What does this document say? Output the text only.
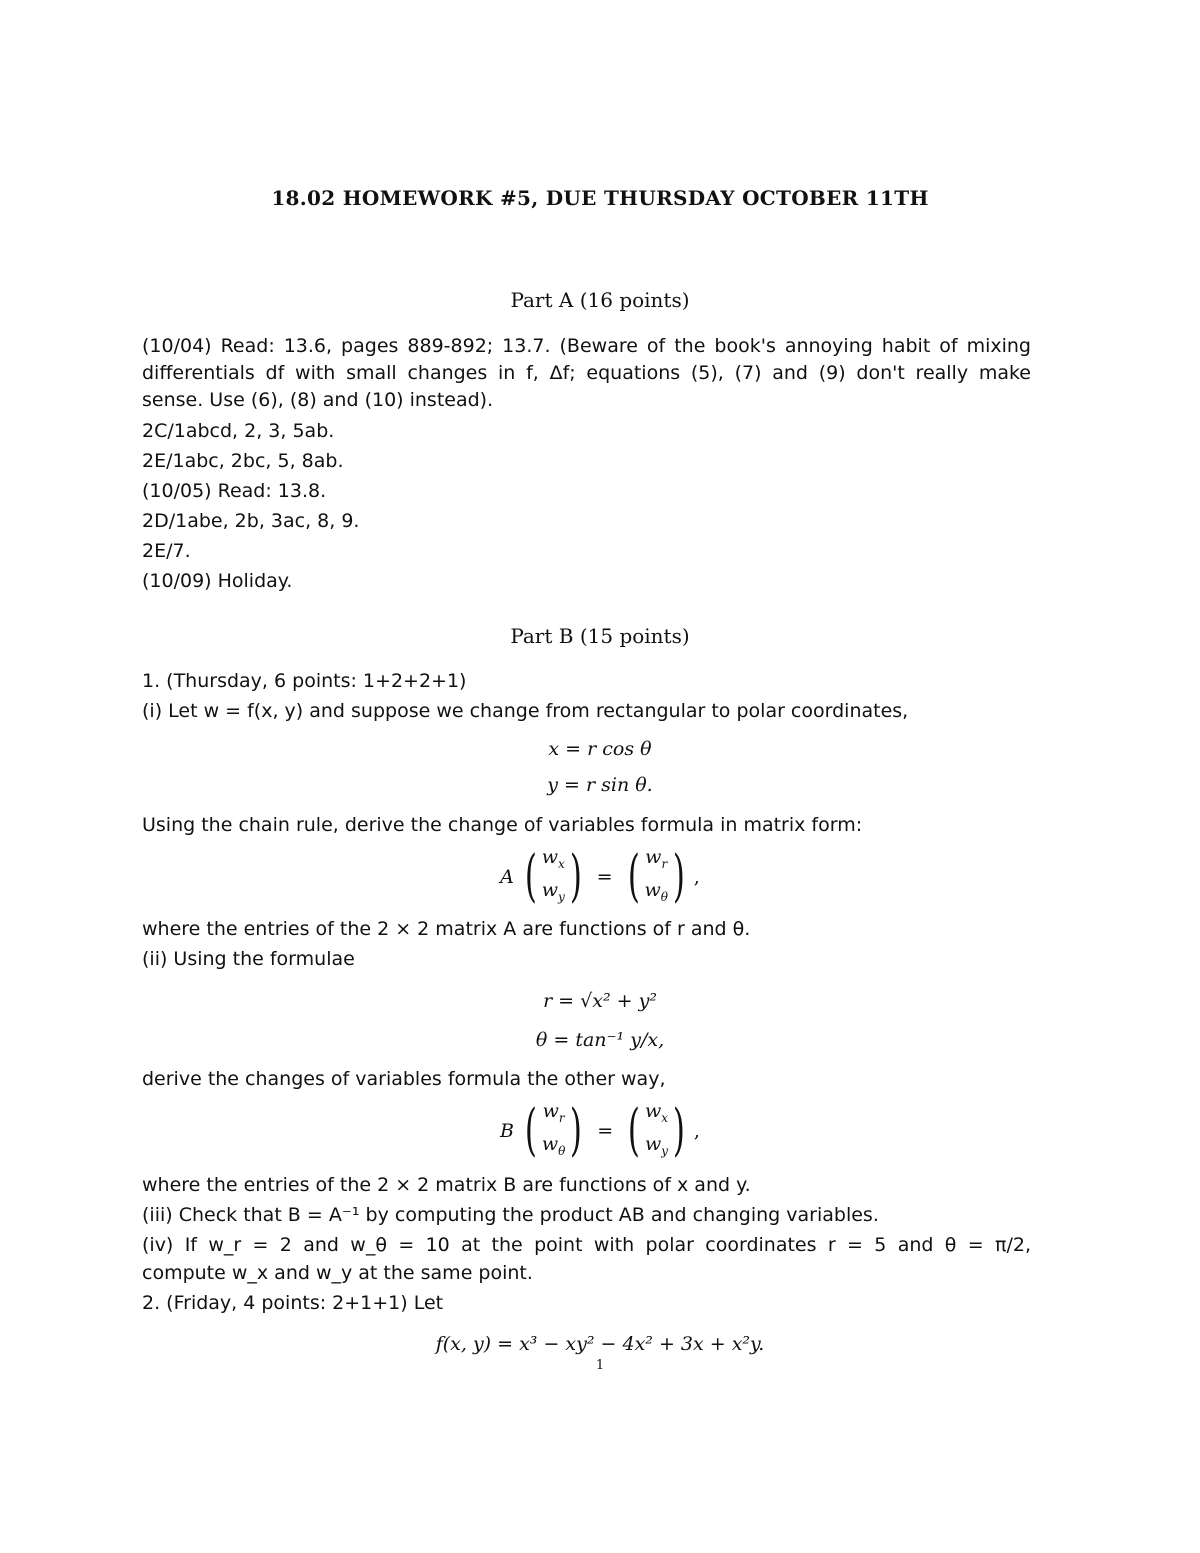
18.02 HOMEWORK #5, DUE THURSDAY OCTOBER 11TH
Part A (16 points)
(10/04) Read: 13.6, pages 889-892; 13.7. (Beware of the book's annoying habit of mixing
differentials df with small changes in f, Δf; equations (5), (7) and (9) don't really make
sense. Use (6), (8) and (10) instead).
2C/1abcd, 2, 3, 5ab.
2E/1abc, 2bc, 5, 8ab.
(10/05) Read: 13.8.
2D/1abe, 2b, 3ac, 8, 9.
2E/7.
(10/09) Holiday.
Part B (15 points)
1. (Thursday, 6 points: 1+2+2+1)
(i) Let w = f(x, y) and suppose we change from rectangular to polar coordinates,
x = r cos θ
y = r sin θ.
Using the chain rule, derive the change of variables formula in matrix form:
A ( $w_x$
$w_y$ ) = ( $w_r$
$w_\theta$ ) ,
where the entries of the 2 × 2 matrix A are functions of r and θ.
(ii) Using the formulae
r = √x² + y²
θ = tan⁻¹ y/x,
derive the changes of variables formula the other way,
B ( $w_r$
$w_\theta$ ) = ( $w_x$
$w_y$ ) ,
where the entries of the 2 × 2 matrix B are functions of x and y.
(iii) Check that B = A⁻¹ by computing the product AB and changing variables.
(iv) If w_r = 2 and w_θ = 10 at the point with polar coordinates r = 5 and θ = π/2,
compute w_x and w_y at the same point.
2. (Friday, 4 points: 2+1+1) Let
f(x, y) = x³ − xy² − 4x² + 3x + x²y.
1
